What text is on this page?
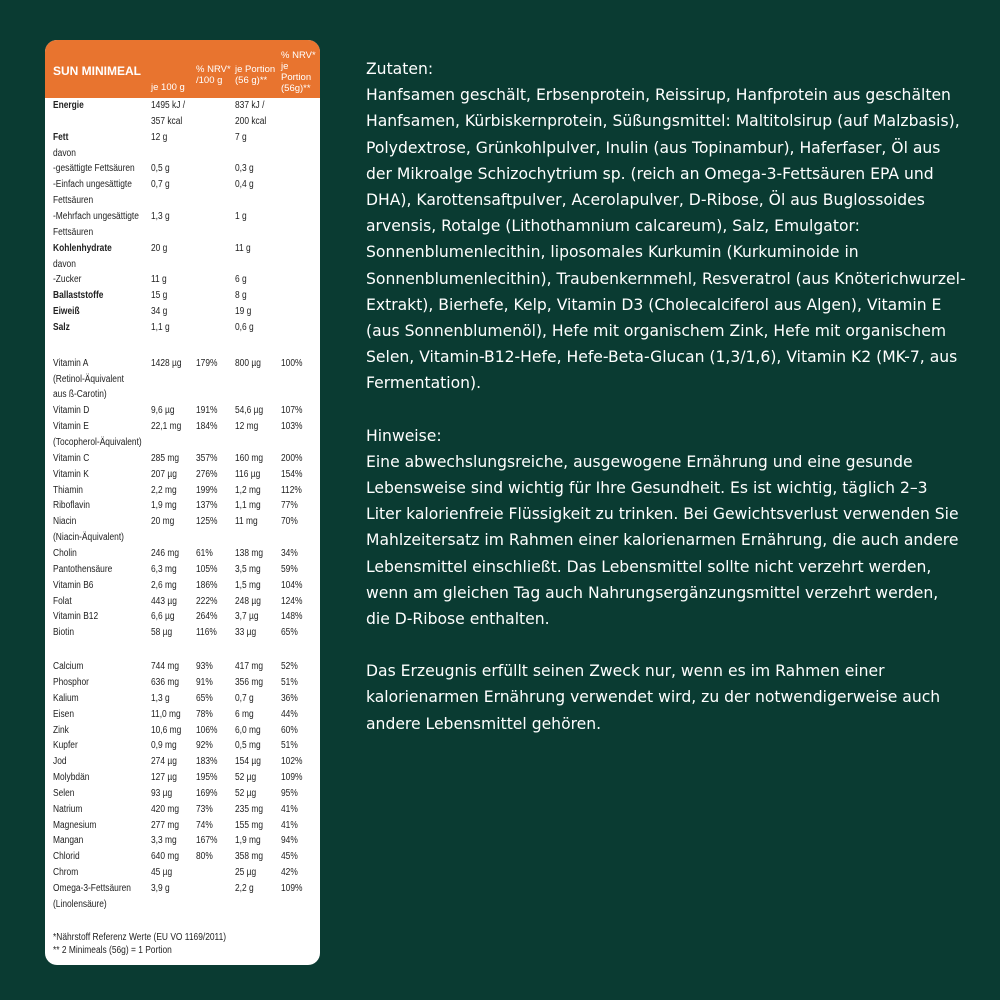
SUN MINIMEAL
je 100 g
% NRV* /100 g
je Portion (56 g)**
% NRV* je Portion (56g)**
Energie	1495 kJ /	837 kJ /
357 kcal	200 kcal
Fett	12 g	7 g
davon
-gesättigte Fettsäuren 0,5 g	0,3 g
-Einfach ungesättigte 0,7 g	0,4 g
Fettsäuren
-Mehrfach ungesättigte 1,3 g	1 g
Fettsäuren
Kohlenhydrate	20 g	11 g
davon
-Zucker	11 g	6 g
Ballaststoffe	15 g	8 g
Eiweiß	34 g	19 g
Salz	1,1 g	0,6 g
Vitamin A	1428 µg 179% 800 µg 100%
(Retinol-Äquivalent
aus ß-Carotin)
Vitamin D	9,6 µg 191% 54,6 µg 107%
Vitamin E	22,1 mg 184% 12 mg 103%
(Tocopherol-Äquivalent)
Vitamin C	285 mg 357% 160 mg 200%
Vitamin K	207 µg 276% 116 µg 154%
Thiamin	2,2 mg 199% 1,2 mg 112%
Riboflavin	1,9 mg 137% 1,1 mg 77%
Niacin	20 mg 125% 11 mg 70%
(Niacin-Äquivalent)
Cholin	246 mg 61% 138 mg 34%
Pantothensäure	6,3 mg 105% 3,5 mg 59%
Vitamin B6	2,6 mg 186% 1,5 mg 104%
Folat	443 µg 222% 248 µg 124%
Vitamin B12	6,6 µg 264% 3,7 µg 148%
Biotin	58 µg 116% 33 µg 65%
Calcium	744 mg 93% 417 mg 52%
Phosphor	636 mg 91% 356 mg 51%
Kalium	1,3 g	65% 0,7 g	36%
Eisen	11,0 mg 78% 6 mg	44%
Zink	10,6 mg 106% 6,0 mg 60%
Kupfer	0,9 mg 92% 0,5 mg 51%
Jod	274 µg 183% 154 µg 102%
Molybdän	127 µg 195% 52 µg 109%
Selen	93 µg 169% 52 µg 95%
Natrium	420 mg 73% 235 mg 41%
Magnesium	277 mg 74% 155 mg 41%
Mangan	3,3 mg 167% 1,9 mg 94%
Chlorid	640 mg 80% 358 mg 45%
Chrom	45 µg	25 µg 42%
Omega-3-Fettsäuren 3,9 g	2,2 g	109%
(Linolensäure)
*Nährstoff Referenz Werte (EU VO 1169/2011)
** 2 Minimeals (56g) = 1 Portion

Zutaten:

Hanfsamen geschält, Erbsenprotein, Reissirup, Hanfprotein aus geschälten Hanfsamen, Kürbiskernprotein, Süßungsmittel: Maltitolsirup (auf Malzbasis), Polydextrose, Grünkohlpulver, Inulin (aus Topinambur), Haferfaser, Öl aus der Mikroalge Schizochytrium sp. (reich an Omega-3-Fettsäuren EPA und DHA), Karottensaftpulver, Acerolapulver, D-Ribose, Öl aus Buglossoides arvensis, Rotalge (Lithothamnium calcareum), Salz, Emulgator: Sonnenblumenlecithin, liposomales Kurkumin (Kurkuminoide in Sonnenblumenlecithin), Traubenkernmehl, Resveratrol (aus Knöterichwurzel-Extrakt), Bierhefe, Kelp, Vitamin D3 (Cholecalciferol aus Algen), Vitamin E (aus Sonnenblumenöl), Hefe mit organischem Zink, Hefe mit organischem Selen, Vitamin-B12-Hefe, Hefe-Beta-Glucan (1,3/1,6), Vitamin K2 (MK-7, aus Fermentation).

Hinweise:

Eine abwechslungsreiche, ausgewogene Ernährung und eine gesunde Lebensweise sind wichtig für Ihre Gesundheit. Es ist wichtig, täglich 2–3 Liter kalorienfreie Flüssigkeit zu trinken. Bei Gewichtsverlust verwenden Sie Mahlzeitersatz im Rahmen einer kalorienarmen Ernährung, die auch andere Lebensmittel einschließt. Das Lebensmittel sollte nicht verzehrt werden, wenn am gleichen Tag auch Nahrungsergänzungsmittel verzehrt werden, die D-Ribose enthalten.

Das Erzeugnis erfüllt seinen Zweck nur, wenn es im Rahmen einer kalorienarmen Ernährung verwendet wird, zu der notwendigerweise auch andere Lebensmittel gehören.
